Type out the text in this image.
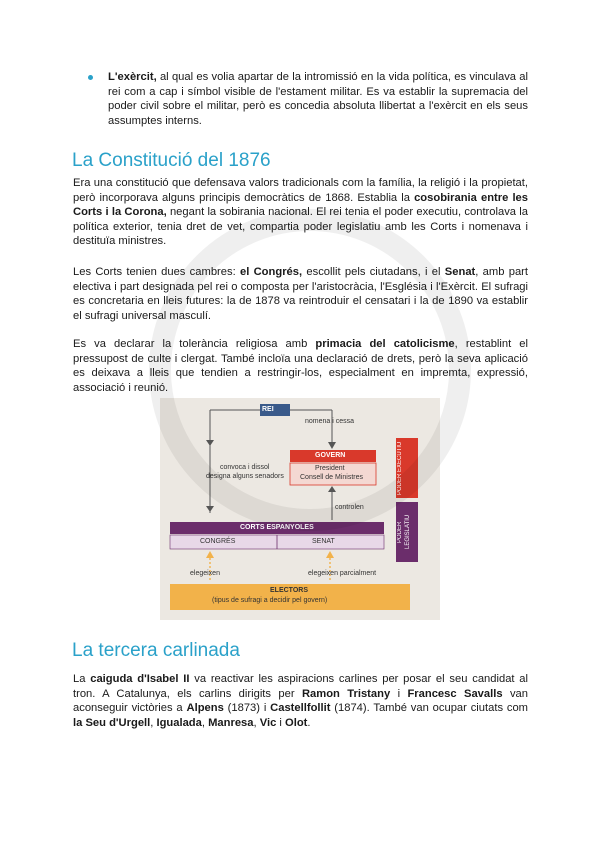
L'exèrcit, al qual es volia apartar de la intromissió en la vida política, es vinculava al rei com a cap i símbol visible de l'estament militar. Es va establir la supremacia del poder civil sobre el militar, però es concedia absoluta llibertat a l'exèrcit en els seus assumptes interns.
La Constitució del 1876
Era una constitució que defensava valors tradicionals com la família, la religió i la propietat, però incorporava alguns principis democràtics de 1868. Establia la cosobirania entre les Corts i la Corona, negant la sobirania nacional. El rei tenia el poder executiu, controlava la política exterior, tenia dret de vet, compartia poder legislatiu amb les Corts i nomenava i destituïa ministres.
Les Corts tenien dues cambres: el Congrés, escollit pels ciutadans, i el Senat, amb part electiva i part designada pel rei o composta per l'aristocràcia, l'Església i l'Exèrcit. El sufragi es concretaria en lleis futures: la de 1878 va reintroduir el censatari i la de 1890 va establir el sufragi universal masculí.
Es va declarar la tolerància religiosa amb primacia del catolicisme, restablint el pressupost de culte i clergat. També incloïa una declaració de drets, però la seva aplicació es deixava a lleis que tendien a restringir-los, especialment en impremta, expressió, associació i reunió.
REI
nomena i cessa
GOVERN
President
Consell de Ministres
convoca i dissol
designa alguns senadors
controlen
CORTS ESPANYOLES
CONGRÉS	SENAT
elegeixen	elegeixen parcialment
ELECTORS
(tipus de sufragi a decidir pel govern)
PODER EXECUTIU
PODER LEGISLATIU
La tercera carlinada
La caiguda d'Isabel II va reactivar les aspiracions carlines per posar el seu candidat al tron. A Catalunya, els carlins dirigits per Ramon Tristany i Francesc Savalls van aconseguir victòries a Alpens (1873) i Castellfollit (1874). També van ocupar ciutats com la Seu d'Urgell, Igualada, Manresa, Vic i Olot.
